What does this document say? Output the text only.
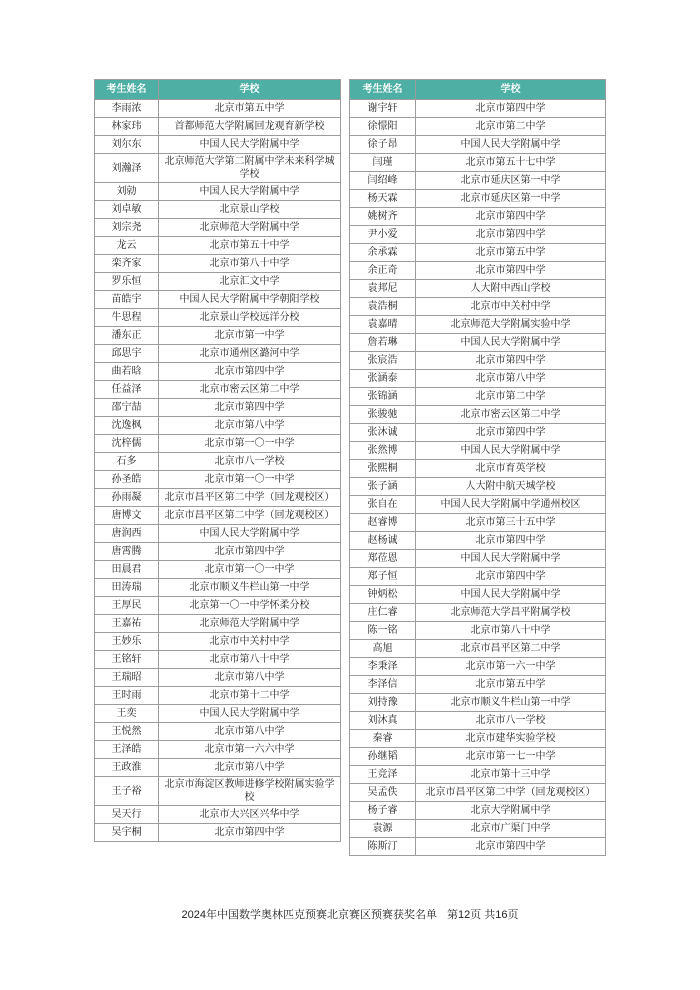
考生姓名	学校
李雨浓	北京市第五中学
林家玮	首都师范大学附属回龙观育新学校
刘尔东	中国人民大学附属中学
刘瀚泽	北京师范大学第二附属中学未来科学城学校
刘勍	中国人民大学附属中学
刘卓敏	北京景山学校
刘宗尧	北京师范大学附属中学
龙云	北京市第五十中学
栾齐家	北京市第八十中学
罗乐恒	北京汇文中学
苗皓宇	中国人民大学附属中学朝阳学校
牛思程	北京景山学校远洋分校
潘东正	北京市第一中学
邱思宇	北京市通州区潞河中学
曲若晗	北京市第四中学
任益泽	北京市密云区第二中学
邵宁喆	北京市第四中学
沈逸枫	北京市第八中学
沈梓儒	北京市第一〇一中学
石多	北京市八一学校
孙圣皓	北京市第一〇一中学
孙雨凝	北京市昌平区第二中学（回龙观校区）
唐博文	北京市昌平区第二中学（回龙观校区）
唐润西	中国人民大学附属中学
唐霄腾	北京市第四中学
田晨君	北京市第一〇一中学
田涛瑞	北京市顺义牛栏山第一中学
王厚民	北京第一〇一中学怀柔分校
王嘉祐	北京师范大学附属中学
王妙乐	北京市中关村中学
王铭轩	北京市第八十中学
王瑞昭	北京市第八中学
王时雨	北京市第十二中学
王奕	中国人民大学附属中学
王悦然	北京市第八中学
王泽皓	北京市第一六六中学
王政淮	北京市第八中学
王子裕	北京市海淀区教师进修学校附属实验学校
吴天行	北京市大兴区兴华中学
吴宇桐	北京市第四中学
考生姓名	学校
谢宇轩	北京市第四中学
徐憬阳	北京市第二中学
徐子昂	中国人民大学附属中学
闫瑾	北京市第五十七中学
闫绍峰	北京市延庆区第一中学
杨天霖	北京市延庆区第一中学
姚树齐	北京市第四中学
尹小爱	北京市第四中学
余承霖	北京市第五中学
余正奇	北京市第四中学
袁邦尼	人大附中西山学校
袁浩桐	北京市中关村中学
袁嘉晴	北京师范大学附属实验中学
詹若琳	中国人民大学附属中学
张宸浩	北京市第四中学
张涵泰	北京市第八中学
张锦涵	北京市第二中学
张骏驰	北京市密云区第二中学
张沐诚	北京市第四中学
张然博	中国人民大学附属中学
张熙桐	北京市育英学校
张子涵	人大附中航天城学校
张自在	中国人民大学附属中学通州校区
赵睿博	北京市第三十五中学
赵杨诚	北京市第四中学
郑莅恩	中国人民大学附属中学
郑子恒	北京市第四中学
钟炳松	中国人民大学附属中学
庄仁睿	北京师范大学昌平附属学校
陈一铭	北京市第八十中学
高旭	北京市昌平区第二中学
李秉泽	北京市第一六一中学
李泽信	北京市第五中学
刘持豫	北京市顺义牛栏山第一中学
刘沐真	北京市八一学校
秦睿	北京市建华实验学校
孙继韬	北京市第一七一中学
王竞泽	北京市第十三中学
吴孟佚	北京市昌平区第二中学（回龙观校区）
杨子睿	北京大学附属中学
袁源	北京市广渠门中学
陈斯汀	北京市第四中学
2024年中国数学奥林匹克预赛北京赛区预赛获奖名单 第12页 共16页
